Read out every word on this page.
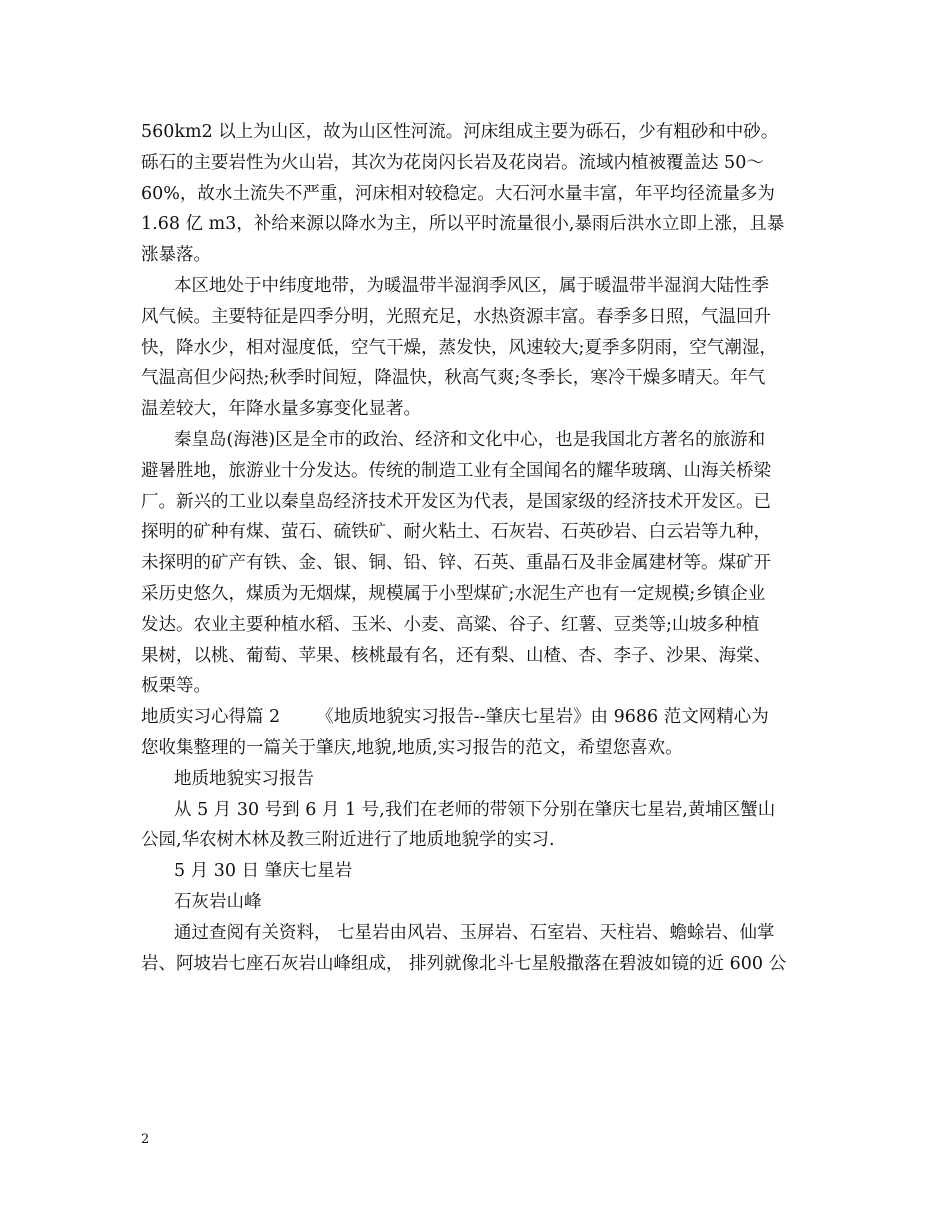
560km2 以上为山区，故为山区性河流。河床组成主要为砾石，少有粗砂和中砂。
砾石的主要岩性为火山岩，其次为花岗闪长岩及花岗岩。流域内植被覆盖达 50～
60%，故水土流失不严重，河床相对较稳定。大石河水量丰富，年平均径流量多为
1.68 亿 m3，补给来源以降水为主，所以平时流量很小,暴雨后洪水立即上涨，且暴
涨暴落。
本区地处于中纬度地带，为暖温带半湿润季风区，属于暖温带半湿润大陆性季
风气候。主要特征是四季分明，光照充足，水热资源丰富。春季多日照，气温回升
快，降水少，相对湿度低，空气干燥，蒸发快，风速较大;夏季多阴雨，空气潮湿，
气温高但少闷热;秋季时间短，降温快，秋高气爽;冬季长，寒冷干燥多晴天。年气
温差较大，年降水量多寡变化显著。
秦皇岛(海港)区是全市的政治、经济和文化中心，也是我国北方著名的旅游和
避暑胜地，旅游业十分发达。传统的制造工业有全国闻名的耀华玻璃、山海关桥梁
厂。新兴的工业以秦皇岛经济技术开发区为代表，是国家级的经济技术开发区。已
探明的矿种有煤、萤石、硫铁矿、耐火粘土、石灰岩、石英砂岩、白云岩等九种，
未探明的矿产有铁、金、银、铜、铅、锌、石英、重晶石及非金属建材等。煤矿开
采历史悠久，煤质为无烟煤，规模属于小型煤矿;水泥生产也有一定规模;乡镇企业
发达。农业主要种植水稻、玉米、小麦、高粱、谷子、红薯、豆类等;山坡多种植
果树，以桃、葡萄、苹果、核桃最有名，还有梨、山楂、杏、李子、沙果、海棠、
板栗等。
地质实习心得篇 2 《地质地貌实习报告--肇庆七星岩》由 9686 范文网精心为
您收集整理的一篇关于肇庆,地貌,地质,实习报告的范文，希望您喜欢。
地质地貌实习报告
从 5 月 30 号到 6 月 1 号,我们在老师的带领下分别在肇庆七星岩,黄埔区蟹山
公园,华农树木林及教三附近进行了地质地貌学的实习.
5 月 30 日 肇庆七星岩
石灰岩山峰
通过查阅有关资料， 七星岩由风岩、玉屏岩、石室岩、天柱岩、蟾蜍岩、仙掌
岩、阿坡岩七座石灰岩山峰组成， 排列就像北斗七星般撒落在碧波如镜的近 600 公
2
